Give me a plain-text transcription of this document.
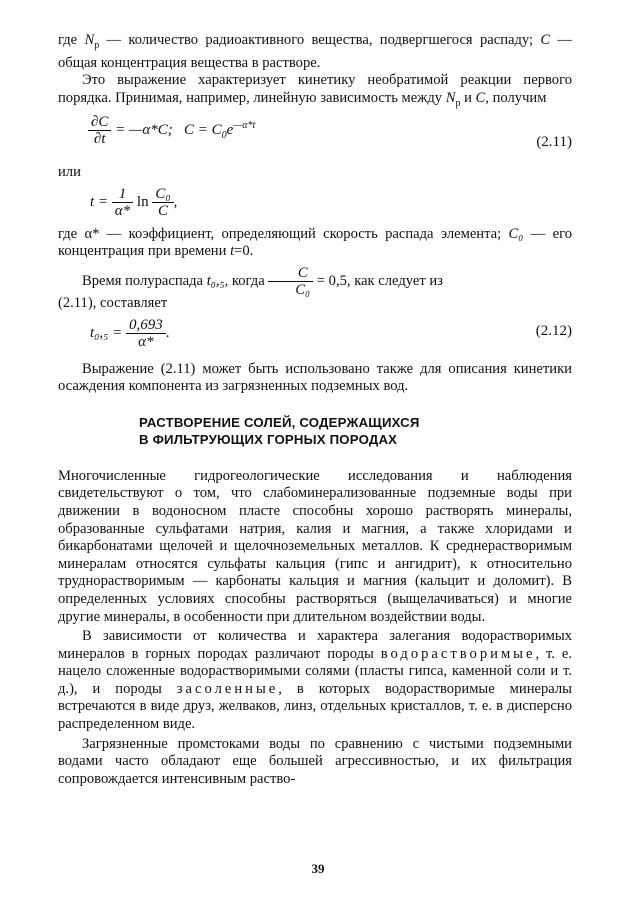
где $N_р$ — количество радиоактивного вещества, подвергшегося распаду; C — общая концентрация вещества в растворе.

Это выражение характеризует кинетику необратимой реакции первого порядка. Принимая, например, линейную зависимость между $N_р$ и C, получим

$\frac{\partial C}{\partial t}$ = —α*C; $C = C_0e^{—\alpha*t}$
(2.11)

или

$t = \frac{1}{\alpha*}$ $\ln \frac{\text{C₀}}{C}$ ,

где α* — коэффициент, определяющий скорость распада элемента; C₀ — его концентрация при времени t=0.

Время полураспада t₀,₅, когда $\frac{C}{\text{C₀}} = 0,5$, как следует из

(2.11), составляет

$t_0,_5 = \frac{0,693}{\alpha*}$ .	(2.12)

Выражение (2.11) может быть использовано также для описания кинетики осаждения компонента из загрязненных подземных вод.

РАСТВОРЕНИЕ СОЛЕЙ, СОДЕРЖАЩИХСЯ

В ФИЛЬТРУЮЩИХ ГОРНЫХ ПОРОДАХ

Многочисленные гидрогеологические исследования и наблюдения свидетельствуют о том, что слабоминерализованные подземные воды при движении в водоносном пласте способны хорошо растворять минералы, образованные сульфатами натрия, калия и магния, а также хлоридами и бикарбонатами щелочей и щелочноземельных металлов. К среднерастворимым минералам относятся сульфаты кальция (гипс и ангидрит), к относительно труднорастворимым — карбонаты кальция и магния (кальцит и доломит). В определенных условиях способны растворяться (выщелачиваться) и многие другие минералы, в особенности при длительном воздействии воды.

В зависимости от количества и характера залегания водорастворимых минералов в горных породах различают породы водорастворимые, т. е. нацело сложенные водорастворимыми солями (пласты гипса, каменной соли и т. д.), и породы засоленные, в которых водорастворимые минералы встречаются в виде друз, желваков, линз, отдельных кристаллов, т. е. в дисперсно распределенном виде.

Загрязненные промстоками воды по сравнению с чистыми подземными водами часто обладают еще большей агрессивностью, и их фильтрация сопровождается интенсивным раство-

39
